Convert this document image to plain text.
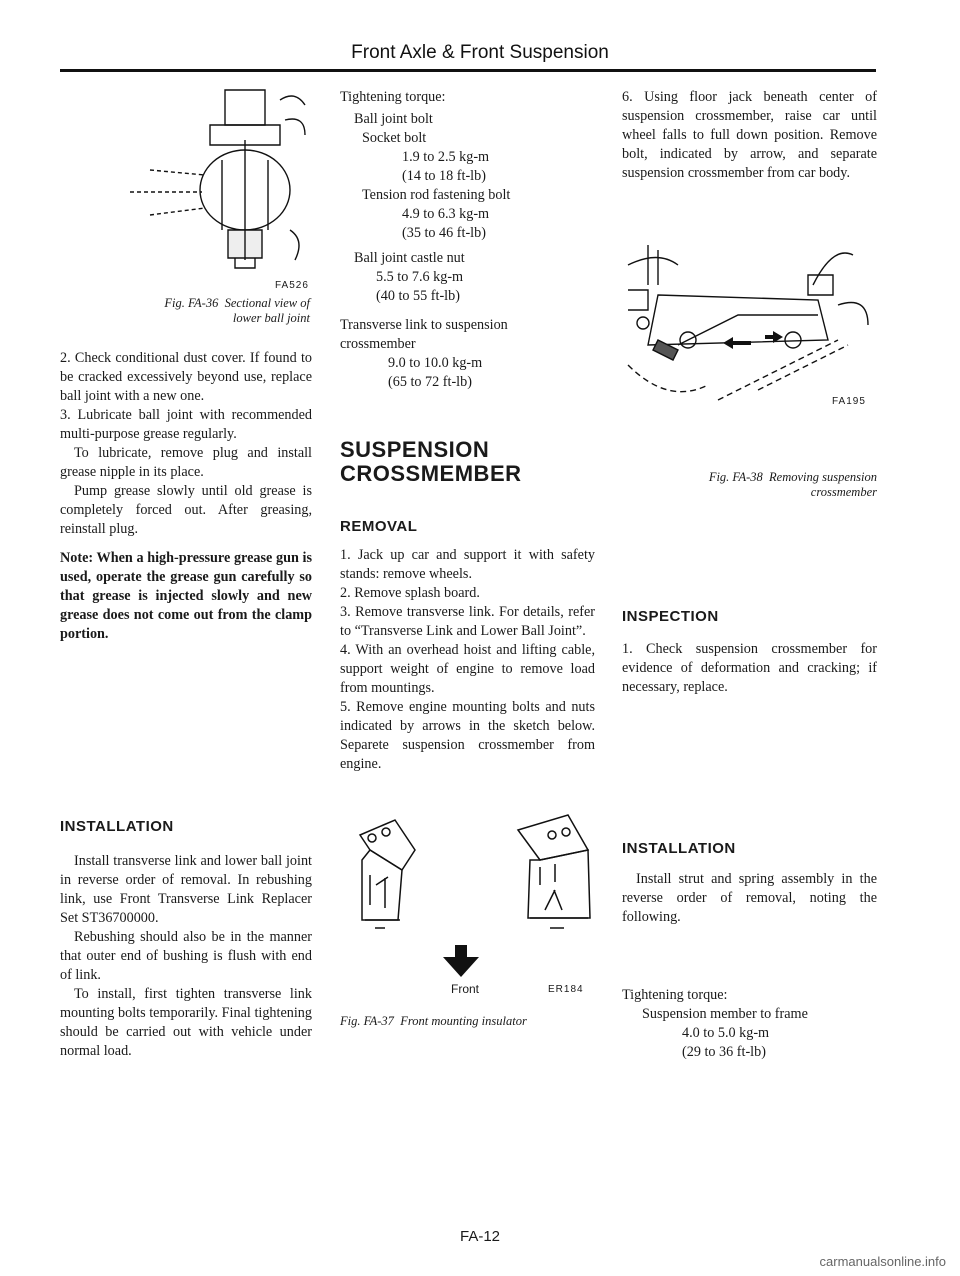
Front Axle & Front Suspension
FA526
Fig. FA-36 Sectional view of
lower ball joint

2. Check conditional dust cover. If found to be cracked excessively beyond use, replace ball joint with a new one.

3. Lubricate ball joint with recommended multi-purpose grease regularly.

To lubricate, remove plug and install grease nipple in its place.

Pump grease slowly until old grease is completely forced out. After greasing, reinstall plug.

Note: When a high-pressure grease gun is used, operate the grease gun carefully so that grease is injected slowly and new grease does not come out from the clamp portion.

INSTALLATION

Install transverse link and lower ball joint in reverse order of removal. In rebushing link, use Front Transverse Link Replacer Set ST36700000.

Rebushing should also be in the manner that outer end of bushing is flush with end of link.

To install, first tighten transverse link mounting bolts temporarily. Final tightening should be carried out with vehicle under normal load.

Tightening torque:

Ball joint bolt

Socket bolt

1.9 to 2.5 kg-m

(14 to 18 ft-lb)

Tension rod fastening bolt

4.9 to 6.3 kg-m

(35 to 46 ft-lb)

Ball joint castle nut

5.5 to 7.6 kg-m

(40 to 55 ft-lb)

Transverse link to suspension

crossmember

9.0 to 10.0 kg-m

(65 to 72 ft-lb)

SUSPENSION
CROSSMEMBER
REMOVAL

1. Jack up car and support it with safety stands: remove wheels.

2. Remove splash board.

3. Remove transverse link. For details, refer to “Transverse Link and Lower Ball Joint”.

4. With an overhead hoist and lifting cable, support weight of engine to remove load from mountings.

5. Remove engine mounting bolts and nuts indicated by arrows in the sketch below. Separete suspension crossmember from engine.

Front	ER184
Fig. FA-37 Front mounting insulator

6. Using floor jack beneath center of suspension crossmember, raise car until wheel falls to full down position. Remove bolt, indicated by arrow, and separate suspension crossmember from car body.

FA195
Fig. FA-38 Removing suspension
crossmember
INSPECTION

1. Check suspension crossmember for evidence of deformation and cracking; if necessary, replace.

INSTALLATION

Install strut and spring assembly in the reverse order of removal, noting the following.

Tightening torque:

Suspension member to frame

4.0 to 5.0 kg-m

(29 to 36 ft-lb)

FA-12
carmanualsonline.info
